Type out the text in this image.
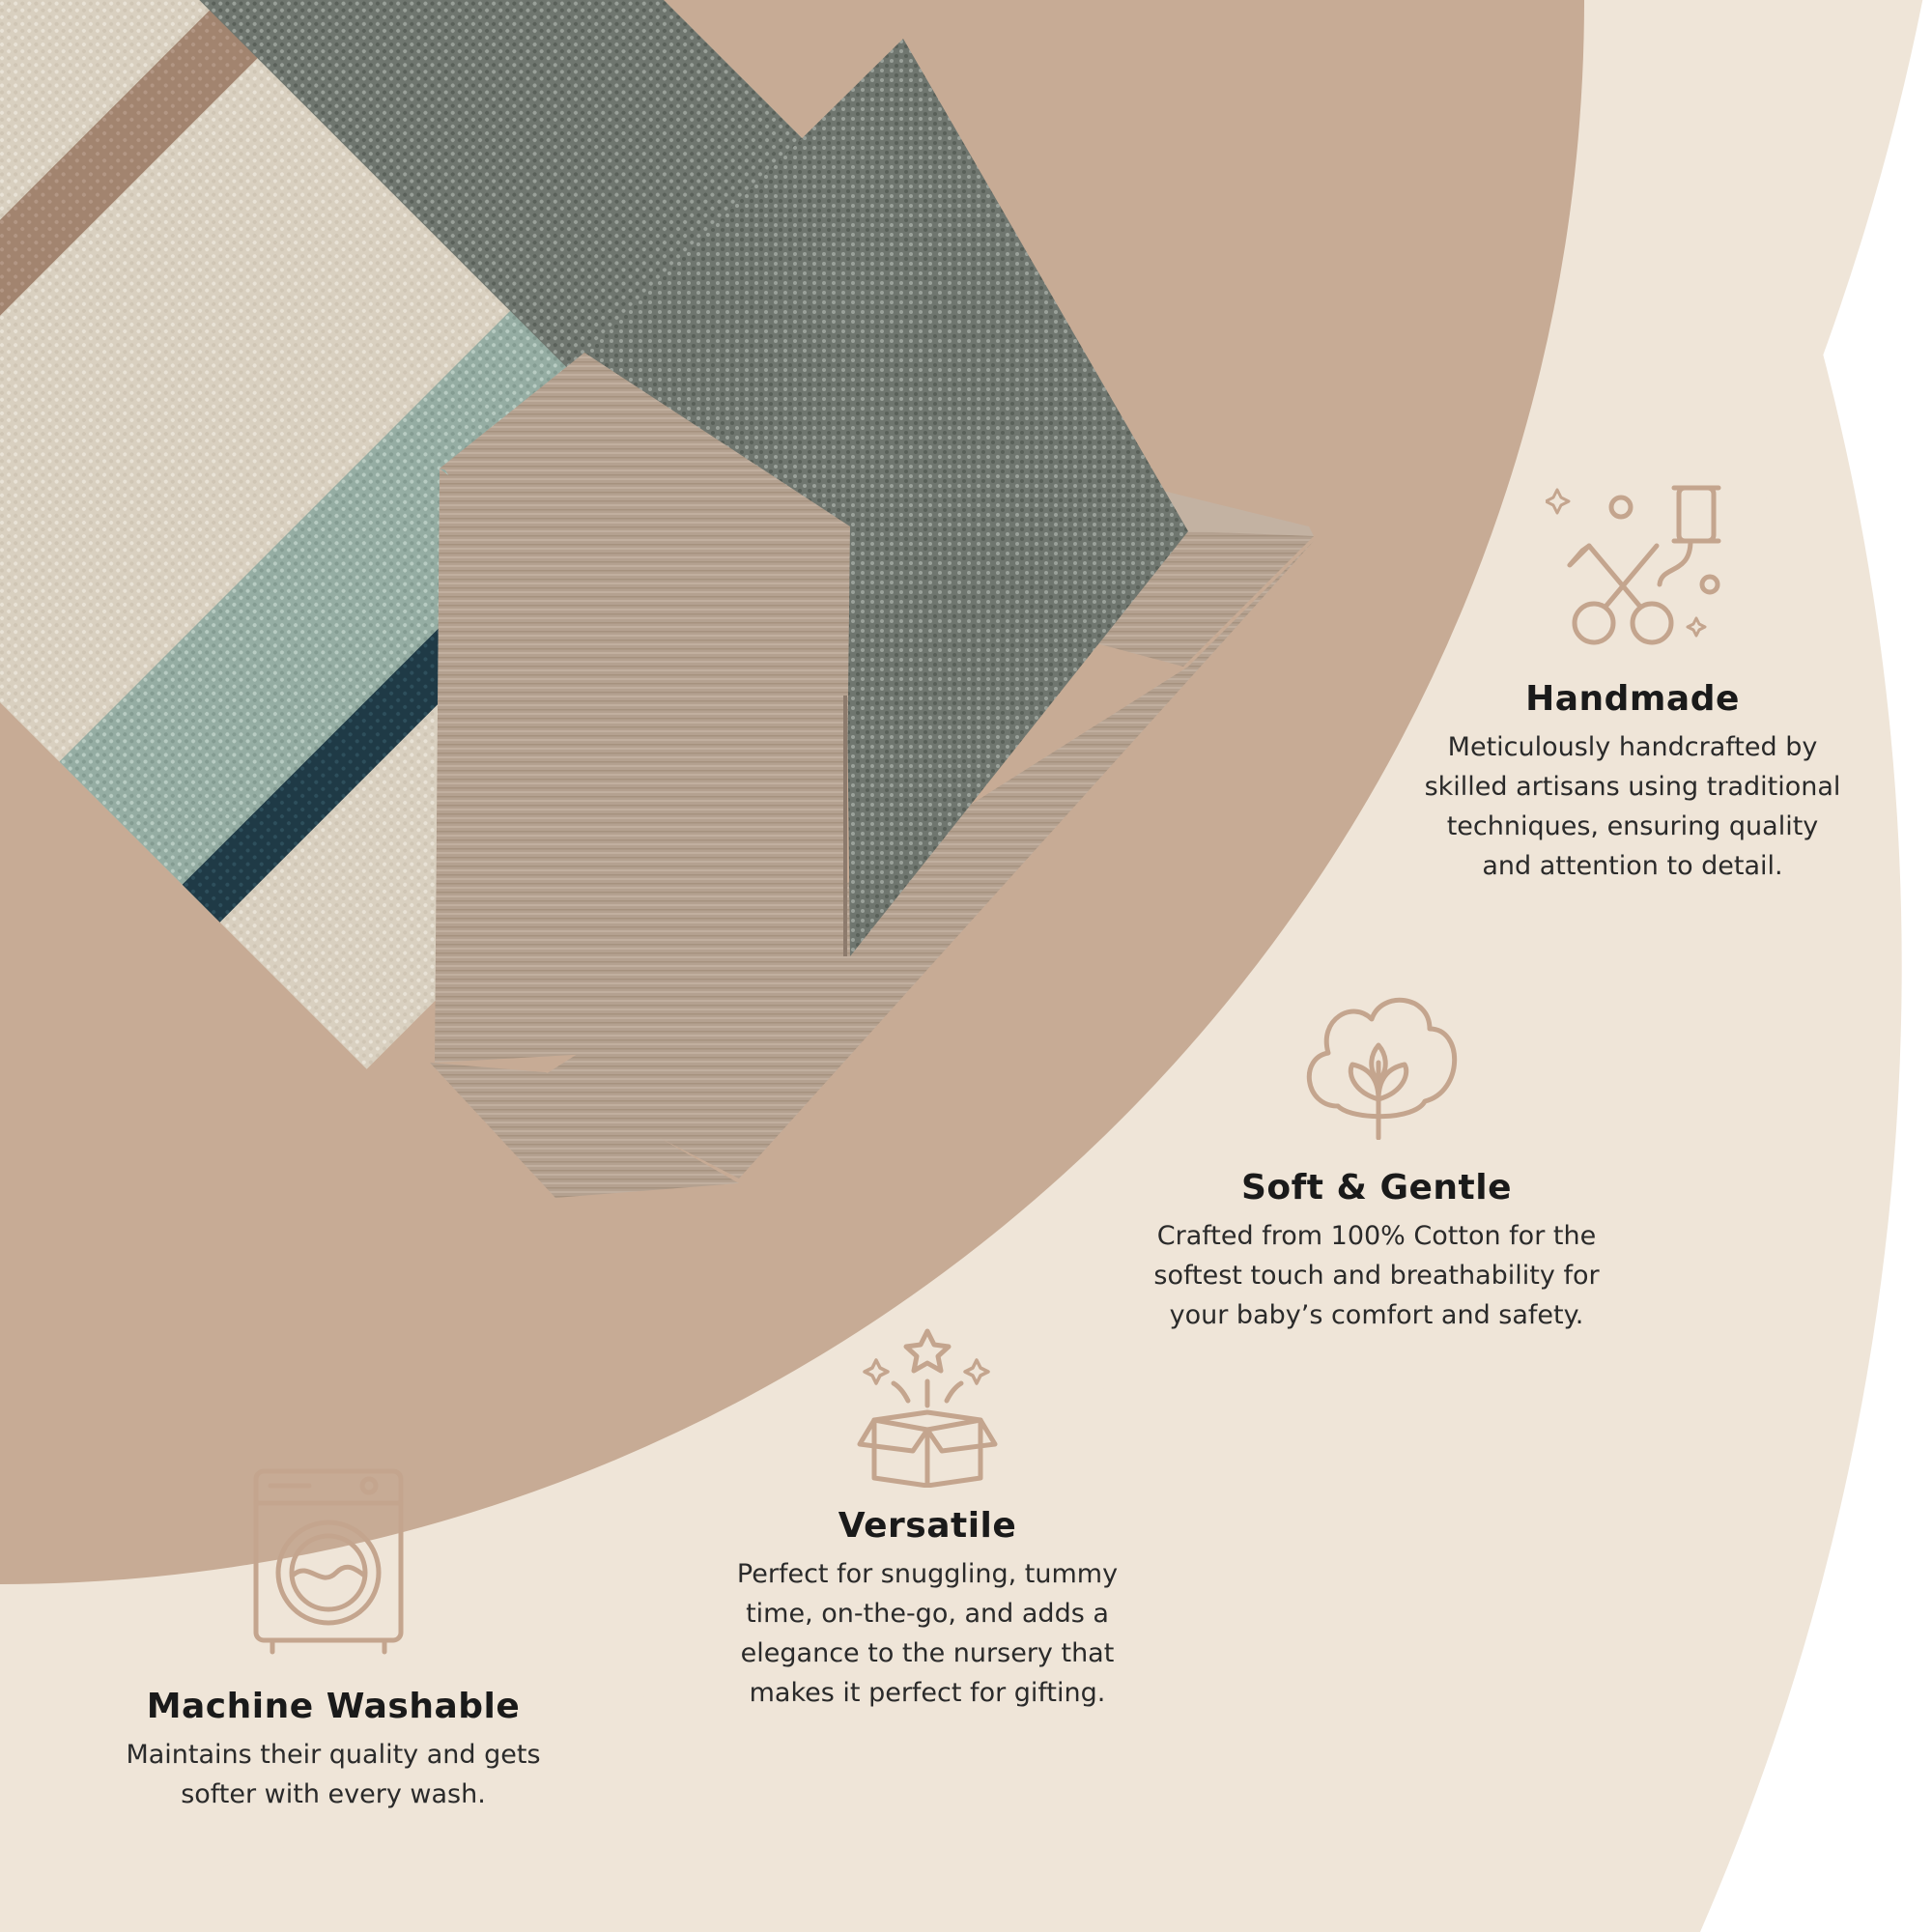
Handmade

Meticulously handcrafted by
skilled artisans using traditional
techniques, ensuring quality
and attention to detail.

Soft & Gentle

Crafted from 100% Cotton for the
softest touch and breathability for
your baby’s comfort and safety.

Versatile

Perfect for snuggling, tummy
time, on-the-go, and adds a
elegance to the nursery that
makes it perfect for gifting.

Machine Washable

Maintains their quality and gets
softer with every wash.
